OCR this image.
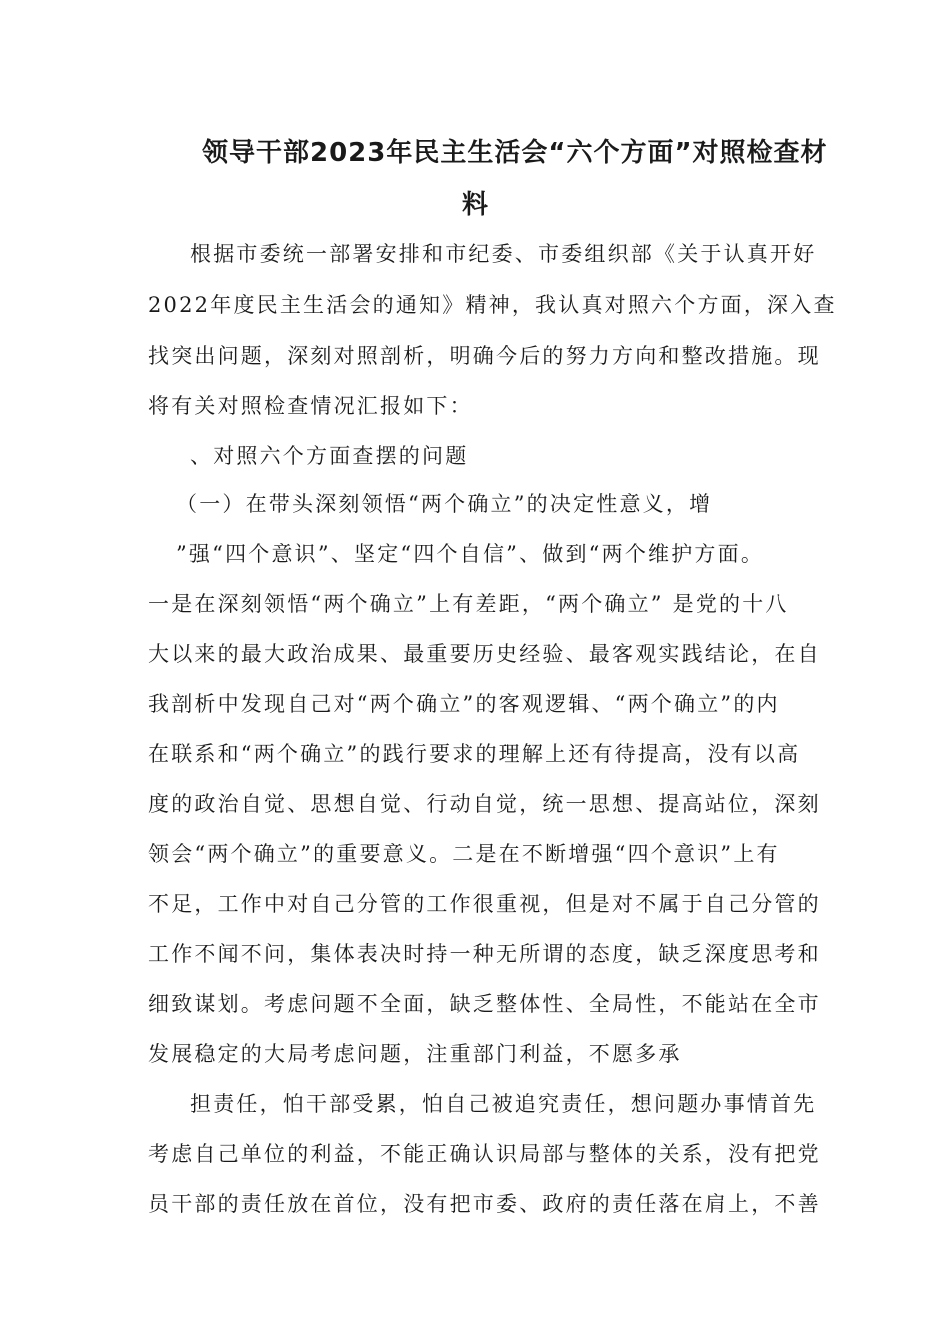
领导干部2023年民主生活会“六个方面”对照检查材
料
根据市委统一部署安排和市纪委、市委组织部《关于认真开好
2022年度民主生活会的通知》精神，我认真对照六个方面，深入查
找突出问题，深刻对照剖析，明确今后的努力方向和整改措施。现
将有关对照检查情况汇报如下：
、对照六个方面查摆的问题
（一）在带头深刻领悟“两个确立”的决定性意义，增
”强“四个意识”、坚定“四个自信”、做到“两个维护方面。
一是在深刻领悟“两个确立”上有差距，“两个确立” 是党的十八
大以来的最大政治成果、最重要历史经验、最客观实践结论，在自
我剖析中发现自己对“两个确立”的客观逻辑、“两个确立”的内
在联系和“两个确立”的践行要求的理解上还有待提高，没有以高
度的政治自觉、思想自觉、行动自觉，统一思想、提高站位，深刻
领会“两个确立”的重要意义。二是在不断增强“四个意识”上有
不足，工作中对自己分管的工作很重视，但是对不属于自己分管的
工作不闻不问，集体表决时持一种无所谓的态度，缺乏深度思考和
细致谋划。考虑问题不全面，缺乏整体性、全局性，不能站在全市
发展稳定的大局考虑问题，注重部门利益，不愿多承
担责任，怕干部受累，怕自己被追究责任，想问题办事情首先
考虑自己单位的利益，不能正确认识局部与整体的关系，没有把党
员干部的责任放在首位，没有把市委、政府的责任落在肩上，不善
